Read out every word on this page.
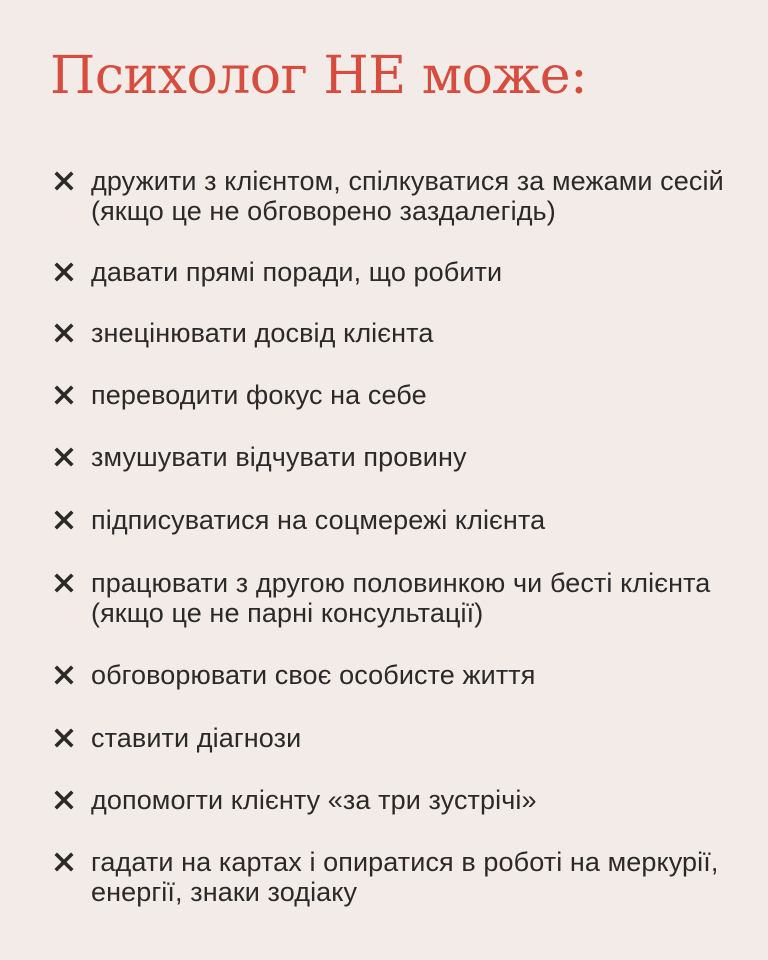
Психолог НЕ може:
дружити з клієнтом, спілкуватися за межами сесій (якщо це не обговорено заздалегідь)
давати прямі поради, що робити
знецінювати досвід клієнта
переводити фокус на себе
змушувати відчувати провину
підписуватися на соцмережі клієнта
працювати з другою половинкою чи бесті клієнта (якщо це не парні консультації)
обговорювати своє особисте життя
ставити діагнози
допомогти клієнту «за три зустрічі»
гадати на картах і опиратися в роботі на меркурії, енергії, знаки зодіаку
